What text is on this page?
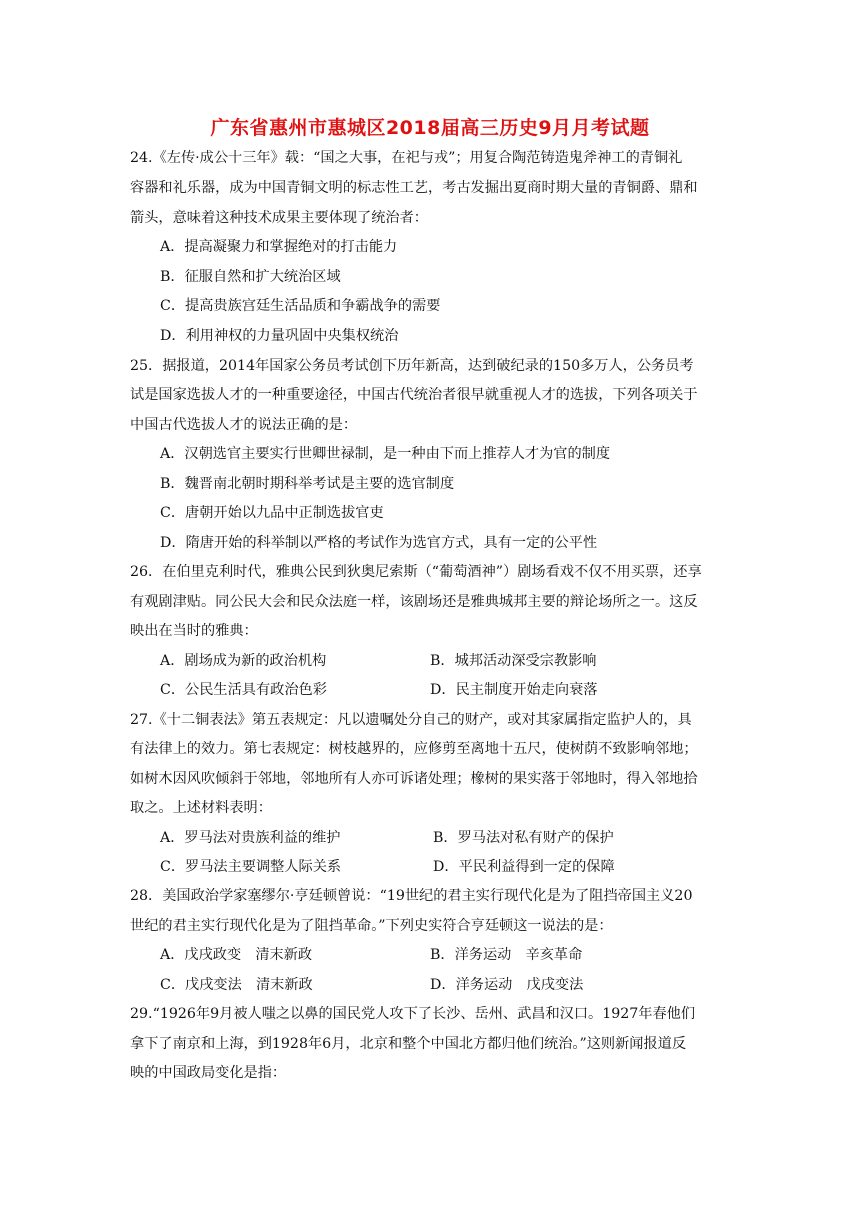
广东省惠州市惠城区2018届高三历史9月月考试题
24.《左传·成公十三年》载：“国之大事，在祀与戎”；用复合陶范铸造鬼斧神工的青铜礼
容器和礼乐器，成为中国青铜文明的标志性工艺，考古发掘出夏商时期大量的青铜爵、鼎和
箭头，意味着这种技术成果主要体现了统治者：
A．提高凝聚力和掌握绝对的打击能力
B．征服自然和扩大统治区域
C．提高贵族宫廷生活品质和争霸战争的需要
D．利用神权的力量巩固中央集权统治
25．据报道，2014年国家公务员考试创下历年新高，达到破纪录的150多万人，公务员考
试是国家选拔人才的一种重要途径，中国古代统治者很早就重视人才的选拔，下列各项关于
中国古代选拔人才的说法正确的是：
A．汉朝选官主要实行世卿世禄制，是一种由下而上推荐人才为官的制度
B．魏晋南北朝时期科举考试是主要的选官制度
C．唐朝开始以九品中正制选拔官吏
D．隋唐开始的科举制以严格的考试作为选官方式，具有一定的公平性
26．在伯里克利时代，雅典公民到狄奥尼索斯（“葡萄酒神”）剧场看戏不仅不用买票，还享
有观剧津贴。同公民大会和民众法庭一样，该剧场还是雅典城邦主要的辩论场所之一。这反
映出在当时的雅典：
A．剧场成为新的政治机构	B．城邦活动深受宗教影响
C．公民生活具有政治色彩	D．民主制度开始走向衰落
27.《十二铜表法》第五表规定：凡以遗嘱处分自己的财产，或对其家属指定监护人的，具
有法律上的效力。第七表规定：树枝越界的，应修剪至离地十五尺，使树荫不致影响邻地；
如树木因风吹倾斜于邻地，邻地所有人亦可诉诸处理；橡树的果实落于邻地时，得入邻地拾
取之。上述材料表明：
A．罗马法对贵族利益的维护	B．罗马法对私有财产的保护
C．罗马法主要调整人际关系	D．平民利益得到一定的保障
28．美国政治学家塞缪尔·亨廷顿曾说：“19世纪的君主实行现代化是为了阻挡帝国主义20
世纪的君主实行现代化是为了阻挡革命。”下列史实符合亨廷顿这一说法的是：
A．戊戌政变　清末新政	B．洋务运动　辛亥革命
C．戊戌变法　清末新政	D．洋务运动　戊戌变法
29.“1926年9月被人嗤之以鼻的国民党人攻下了长沙、岳州、武昌和汉口。1927年春他们
拿下了南京和上海，到1928年6月，北京和整个中国北方都归他们统治。”这则新闻报道反
映的中国政局变化是指：
